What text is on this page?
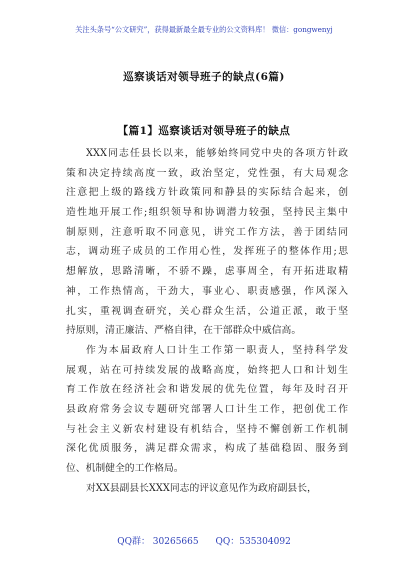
关注头条号“公文研究”，获得最新最全最专业的公文资料库！ 微信：gongwenyj
巡察谈话对领导班子的缺点(6篇)
【篇1】巡察谈话对领导班子的缺点
XXX同志任县长以来，能够始终同党中央的各项方针政
策和决定持续高度一致，政治坚定，党性强，有大局观念
注意把上级的路线方针政策同和静县的实际结合起来，创
造性地开展工作;组织领导和协调潜力较强，坚持民主集中
制原则，注意听取不同意见，讲究工作方法，善于团结同
志，调动班子成员的工作用心性，发挥班子的整体作用;思
想解放，思路清晰，不骄不躁，虑事周全，有开拓进取精
神，工作热情高，干劲大，事业心、职责感强，作风深入
扎实，重视调查研究，关心群众生活，公道正派，敢于坚
持原则，清正廉洁、严格自律，在干部群众中威信高。
作为本届政府人口计生工作第一职责人，坚持科学发
展观，站在可持续发展的战略高度，始终把人口和计划生
育工作放在经济社会和谐发展的优先位置，每年及时召开
县政府常务会议专题研究部署人口计生工作，把创优工作
与社会主义新农村建设有机结合，坚持不懈创新工作机制
深化优质服务，满足群众需求，构成了基础稳固、服务到
位、机制健全的工作格局。
对XX县副县长XXX同志的评议意见作为政府副县长，
QQ群： 30265665 QQ：535304092
